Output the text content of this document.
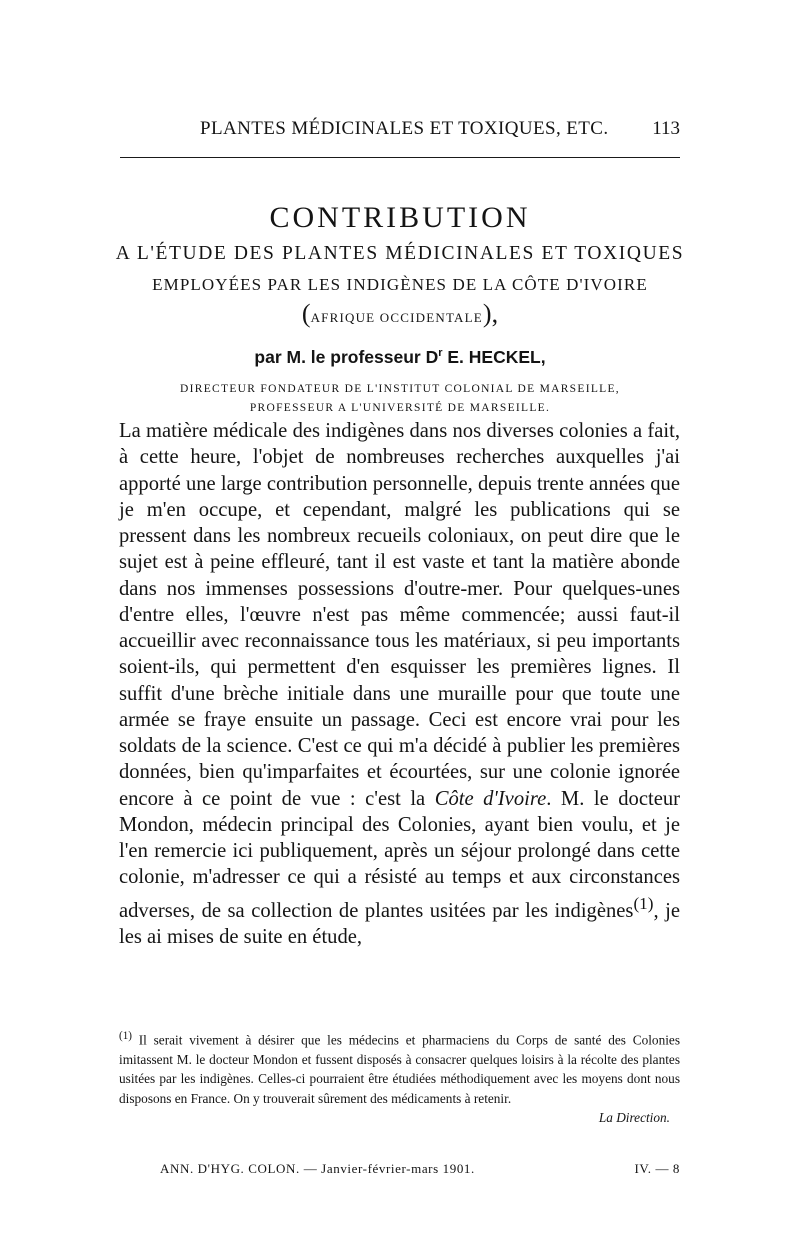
PLANTES MÉDICINALES ET TOXIQUES, ETC. 113
CONTRIBUTION
A L'ÉTUDE DES PLANTES MÉDICINALES ET TOXIQUES
EMPLOYÉES PAR LES INDIGÈNES DE LA CÔTE D'IVOIRE
(AFRIQUE OCCIDENTALE),
par M. le professeur $D^r$ E. HECKEL,
DIRECTEUR FONDATEUR DE L'INSTITUT COLONIAL DE MARSEILLE,
PROFESSEUR A L'UNIVERSITÉ DE MARSEILLE.
La matière médicale des indigènes dans nos diverses colonies a fait, à cette heure, l'objet de nombreuses recherches auxquelles j'ai apporté une large contribution personnelle, depuis trente années que je m'en occupe, et cependant, malgré les publications qui se pressent dans les nombreux recueils coloniaux, on peut dire que le sujet est à peine effleuré, tant il est vaste et tant la matière abonde dans nos immenses possessions d'outre-mer. Pour quelques-unes d'entre elles, l'œuvre n'est pas même commencée; aussi faut-il accueillir avec reconnaissance tous les matériaux, si peu importants soient-ils, qui permettent d'en esquisser les premières lignes. Il suffit d'une brèche initiale dans une muraille pour que toute une armée se fraye ensuite un passage. Ceci est encore vrai pour les soldats de la science. C'est ce qui m'a décidé à publier les premières données, bien qu'imparfaites et écourtées, sur une colonie ignorée encore à ce point de vue : c'est la Côte d'Ivoire. M. le docteur Mondon, médecin principal des Colonies, ayant bien voulu, et je l'en remercie ici publiquement, après un séjour prolongé dans cette colonie, m'adresser ce qui a résisté au temps et aux circonstances adverses, de sa collection de plantes usitées par les indigènes$^{(1)}$, je les ai mises de suite en étude,
$^{(1)}$ Il serait vivement à désirer que les médecins et pharmaciens du Corps de santé des Colonies imitassent M. le docteur Mondon et fussent disposés à consacrer quelques loisirs à la récolte des plantes usitées par les indigènes. Celles-ci pourraient être étudiées méthodiquement avec les moyens dont nous disposons en France. On y trouverait sûrement des médicaments à retenir.
La Direction.
ANN. D'HYG. COLON. — Janvier-février-mars 1901.	IV. — 8
